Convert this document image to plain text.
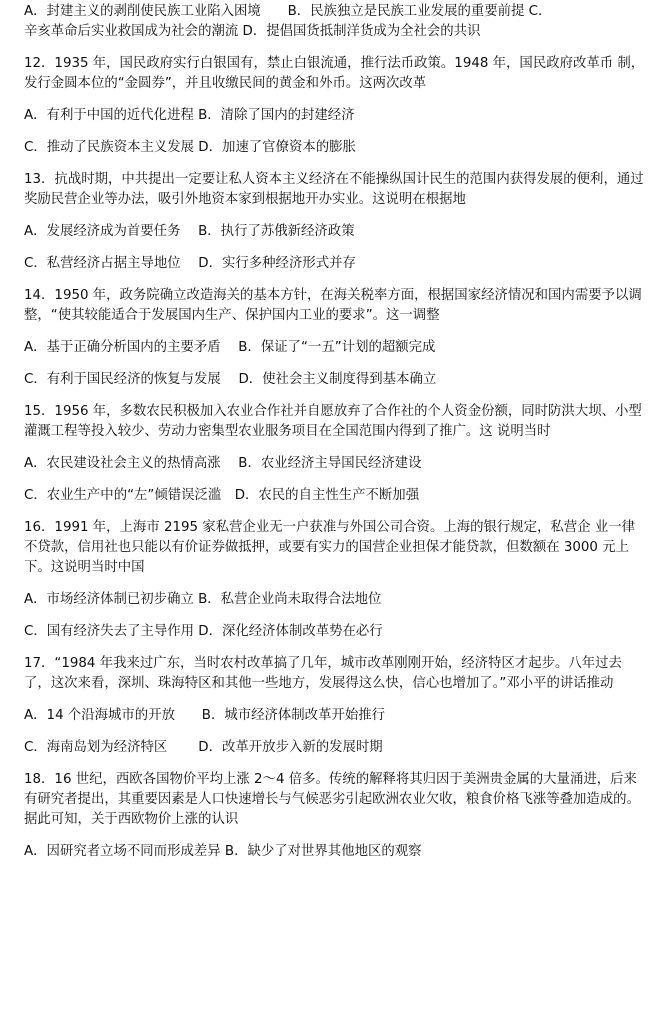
A．封建主义的剥削使民族工业陷入困境　　B．民族独立是民族工业发展的重要前提 C．

辛亥革命后实业救国成为社会的潮流 D．提倡国货抵制洋货成为全社会的共识

12．1935 年，国民政府实行白银国有，禁止白银流通，推行法币政策。1948 年，国民政府改革币 制，发行金圆本位的“金圆券”，并且收缴民间的黄金和外币。这两次改革

A．有利于中国的近代化进程 B．清除了国内的封建经济

C．推动了民族资本主义发展 D．加速了官僚资本的膨胀

13．抗战时期，中共提出一定要让私人资本主义经济在不能操纵国计民生的范围内获得发展的便利，通过奖励民营企业等办法，吸引外地资本家到根据地开办实业。这说明在根据地

A．发展经济成为首要任务　 B．执行了苏俄新经济政策

C．私营经济占据主导地位　 D．实行多种经济形式并存

14．1950 年，政务院确立改造海关的基本方针，在海关税率方面，根据国家经济情况和国内需要予以调整，“使其较能适合于发展国内生产、保护国内工业的要求”。这一调整

A．基于正确分析国内的主要矛盾　 B．保证了“一五”计划的超额完成

C．有利于国民经济的恢复与发展　 D．使社会主义制度得到基本确立

15．1956 年，多数农民积极加入农业合作社并自愿放弃了合作社的个人资金份额，同时防洪大坝、小型灌溉工程等投入较少、劳动力密集型农业服务项目在全国范围内得到了推广。这 说明当时

A．农民建设社会主义的热情高涨　 B．农业经济主导国民经济建设

C．农业生产中的“左”倾错误泛滥　D．农民的自主性生产不断加强

16．1991 年，上海市 2195 家私营企业无一户获准与外国公司合资。上海的银行规定，私营企 业一律不贷款，信用社也只能以有价证券做抵押，或要有实力的国营企业担保才能贷款，但数额在 3000 元上下。这说明当时中国

A．市场经济体制已初步确立 B．私营企业尚未取得合法地位

C．国有经济失去了主导作用 D．深化经济体制改革势在必行

17．“1984 年我来过广东，当时农村改革搞了几年，城市改革刚刚开始，经济特区才起步。八年过去了，这次来看，深圳、珠海特区和其他一些地方，发展得这么快，信心也增加了。”邓小平的讲话推动

A．14 个沿海城市的开放　　B．城市经济体制改革开始推行

C．海南岛划为经济特区　　 D．改革开放步入新的发展时期

18．16 世纪，西欧各国物价平均上涨 2～4 倍多。传统的解释将其归因于美洲贵金属的大量涌进，后来有研究者提出，其重要因素是人口快速增长与气候恶劣引起欧洲农业欠收，粮食价格飞涨等叠加造成的。据此可知，关于西欧物价上涨的认识

A．因研究者立场不同而形成差异 B．缺少了对世界其他地区的观察
